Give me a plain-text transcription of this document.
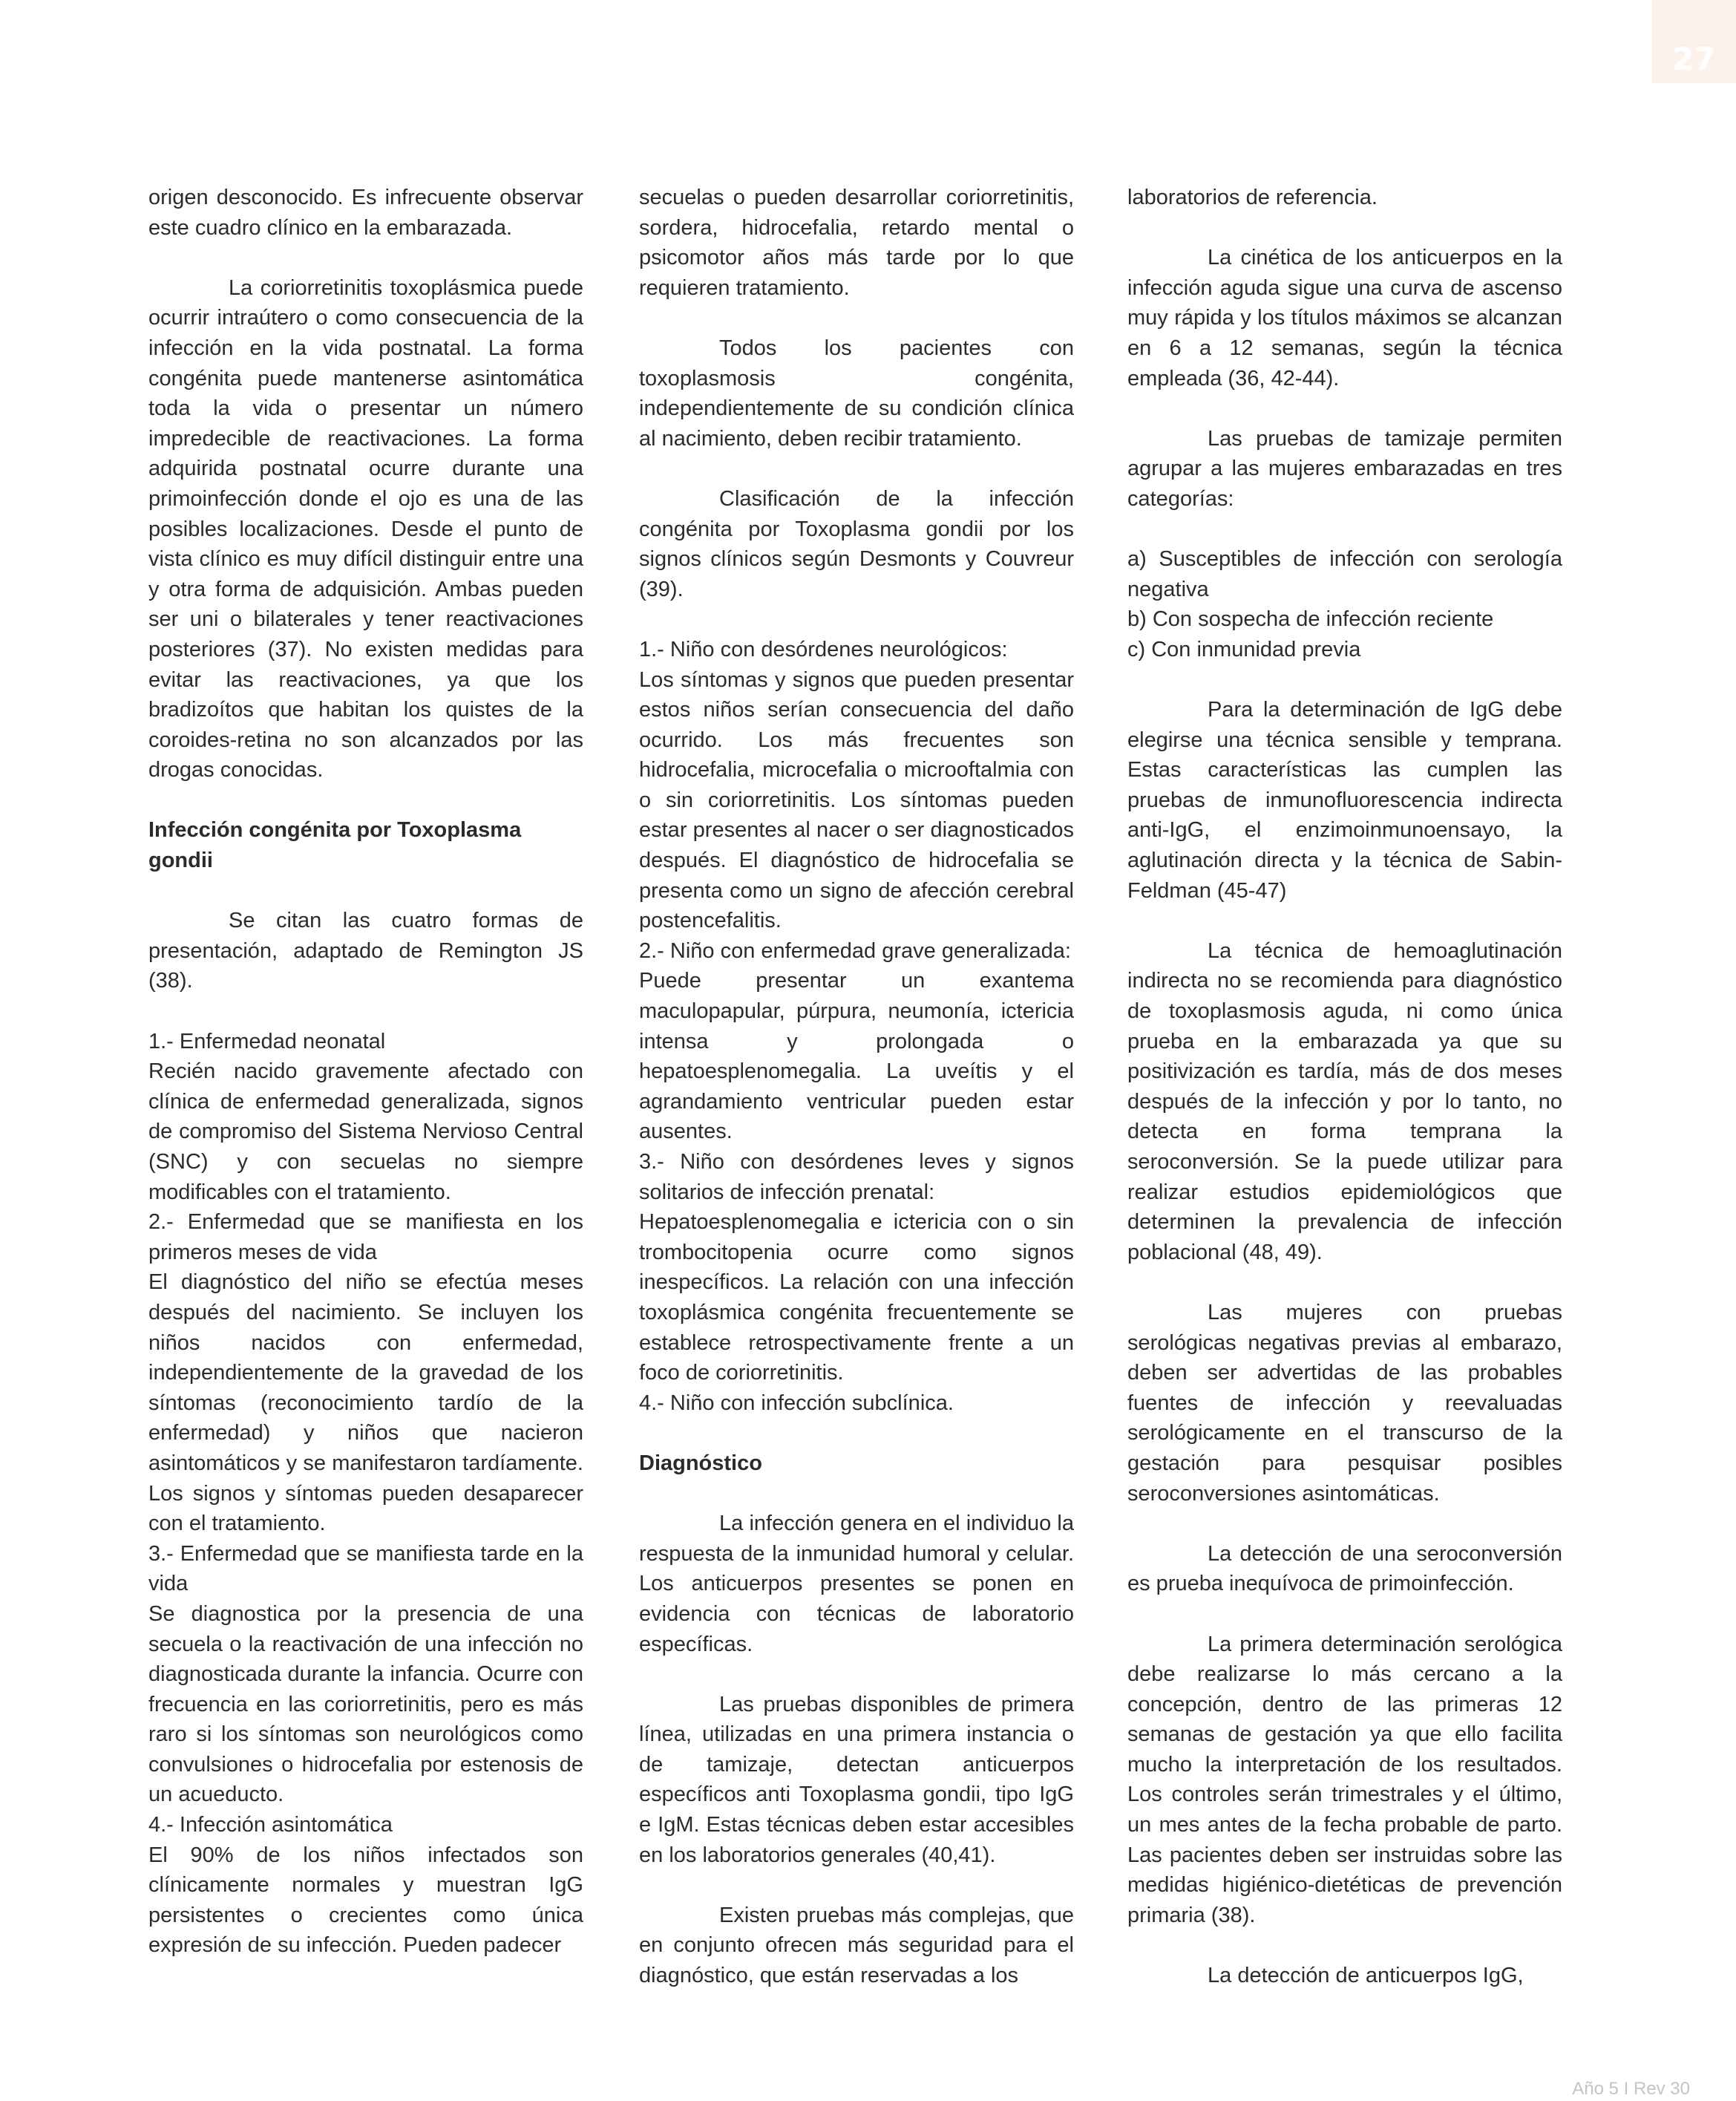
27

origen desconocido. Es infrecuente observar este cuadro clínico en la embarazada.

La coriorretinitis toxoplásmica puede ocurrir intraútero o como consecuencia de la infección en la vida postnatal. La forma congénita puede mantenerse asintomática toda la vida o presentar un número impredecible de reactivaciones. La forma adquirida postnatal ocurre durante una primoinfección donde el ojo es una de las posibles localizaciones. Desde el punto de vista clínico es muy difícil distinguir entre una y otra forma de adquisición. Ambas pueden ser uni o bilaterales y tener reactivaciones posteriores (37). No existen medidas para evitar las reactivaciones, ya que los bradizoítos que habitan los quistes de la coroides-retina no son alcanzados por las drogas conocidas.

Infección congénita por Toxoplasma gondii

Se citan las cuatro formas de presentación, adaptado de Remington JS (38).

1.- Enfermedad neonatal

Recién nacido gravemente afectado con clínica de enfermedad generalizada, signos de compromiso del Sistema Nervioso Central (SNC) y con secuelas no siempre modificables con el tratamiento.

2.- Enfermedad que se manifiesta en los primeros meses de vida

El diagnóstico del niño se efectúa meses después del nacimiento. Se incluyen los niños nacidos con enfermedad, independientemente de la gravedad de los síntomas (reconocimiento tardío de la enfermedad) y niños que nacieron asintomáticos y se manifestaron tardíamente. Los signos y síntomas pueden desaparecer con el tratamiento.

3.- Enfermedad que se manifiesta tarde en la vida

Se diagnostica por la presencia de una secuela o la reactivación de una infección no diagnosticada durante la infancia. Ocurre con frecuencia en las coriorretinitis, pero es más raro si los síntomas son neurológicos como convulsiones o hidrocefalia por estenosis de un acueducto.

4.- Infección asintomática

El 90% de los niños infectados son clínicamente normales y muestran IgG persistentes o crecientes como única expresión de su infección. Pueden padecer

secuelas o pueden desarrollar coriorretinitis, sordera, hidrocefalia, retardo mental o psicomotor años más tarde por lo que requieren tratamiento.

Todos los pacientes con toxoplasmosis congénita, independientemente de su condición clínica al nacimiento, deben recibir tratamiento.

Clasificación de la infección congénita por Toxoplasma gondii por los signos clínicos según Desmonts y Couvreur (39).

1.- Niño con desórdenes neurológicos:

Los síntomas y signos que pueden presentar estos niños serían consecuencia del daño ocurrido. Los más frecuentes son hidrocefalia, microcefalia o microoftalmia con o sin coriorretinitis. Los síntomas pueden estar presentes al nacer o ser diagnosticados después. El diagnóstico de hidrocefalia se presenta como un signo de afección cerebral postencefalitis.

2.- Niño con enfermedad grave generalizada:

Puede presentar un exantema maculopapular, púrpura, neumonía, ictericia intensa y prolongada o hepatoesplenomegalia. La uveítis y el agrandamiento ventricular pueden estar ausentes.

3.- Niño con desórdenes leves y signos solitarios de infección prenatal:

Hepatoesplenomegalia e ictericia con o sin trombocitopenia ocurre como signos inespecíficos. La relación con una infección toxoplásmica congénita frecuentemente se establece retrospectivamente frente a un foco de coriorretinitis.

4.- Niño con infección subclínica.

Diagnóstico

La infección genera en el individuo la respuesta de la inmunidad humoral y celular. Los anticuerpos presentes se ponen en evidencia con técnicas de laboratorio específicas.

Las pruebas disponibles de primera línea, utilizadas en una primera instancia o de tamizaje, detectan anticuerpos específicos anti Toxoplasma gondii, tipo IgG e IgM. Estas técnicas deben estar accesibles en los laboratorios generales (40,41).

Existen pruebas más complejas, que en conjunto ofrecen más seguridad para el diagnóstico, que están reservadas a los

laboratorios de referencia.

La cinética de los anticuerpos en la infección aguda sigue una curva de ascenso muy rápida y los títulos máximos se alcanzan en 6 a 12 semanas, según la técnica empleada (36, 42-44).

Las pruebas de tamizaje permiten agrupar a las mujeres embarazadas en tres categorías:

a) Susceptibles de infección con serología negativa

b) Con sospecha de infección reciente

c) Con inmunidad previa

Para la determinación de IgG debe elegirse una técnica sensible y temprana. Estas características las cumplen las pruebas de inmunofluorescencia indirecta anti-IgG, el enzimoinmunoensayo, la aglutinación directa y la técnica de Sabin-Feldman (45-47)

La técnica de hemoaglutinación indirecta no se recomienda para diagnóstico de toxoplasmosis aguda, ni como única prueba en la embarazada ya que su positivización es tardía, más de dos meses después de la infección y por lo tanto, no detecta en forma temprana la seroconversión. Se la puede utilizar para realizar estudios epidemiológicos que determinen la prevalencia de infección poblacional (48, 49).

Las mujeres con pruebas serológicas negativas previas al embarazo, deben ser advertidas de las probables fuentes de infección y reevaluadas serológicamente en el transcurso de la gestación para pesquisar posibles seroconversiones asintomáticas.

La detección de una seroconversión es prueba inequívoca de primoinfección.

La primera determinación serológica debe realizarse lo más cercano a la concepción, dentro de las primeras 12 semanas de gestación ya que ello facilita mucho la interpretación de los resultados. Los controles serán trimestrales y el último, un mes antes de la fecha probable de parto. Las pacientes deben ser instruidas sobre las medidas higiénico-dietéticas de prevención primaria (38).

La detección de anticuerpos IgG,

Año 5 I Rev 30
